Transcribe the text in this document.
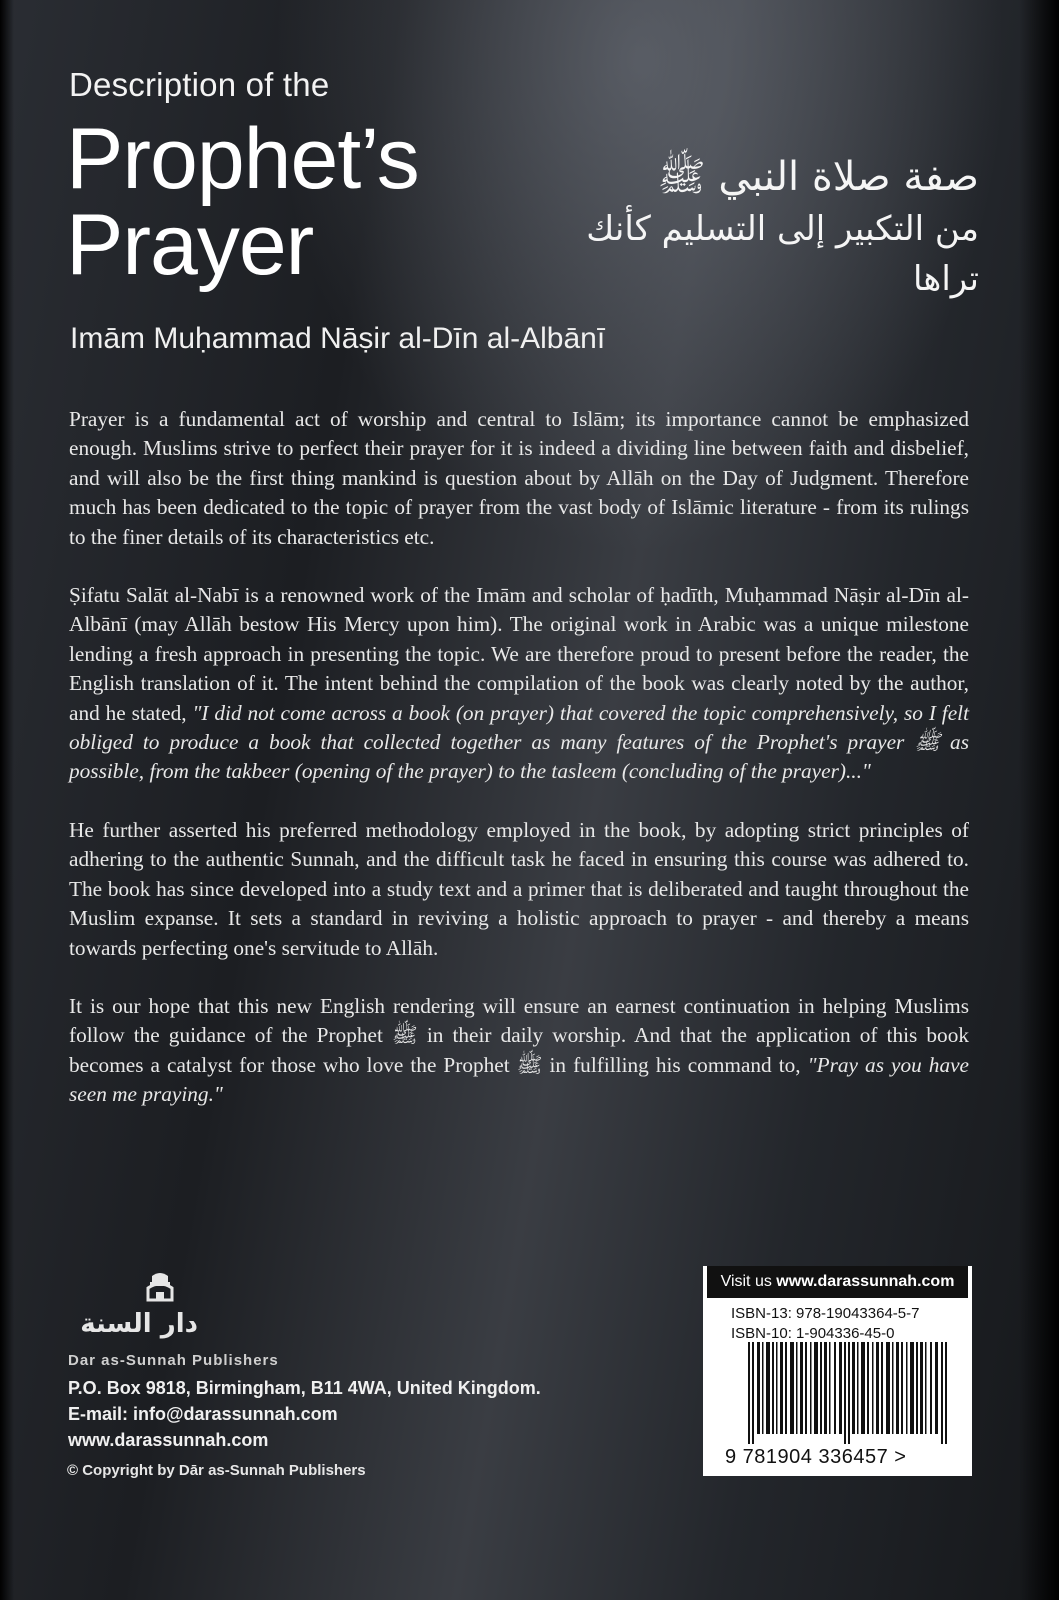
Description of the
Prophet’s
Prayer
صفة صلاة النبي ﷺ
من التكبير إلى التسليم كأنك تراها
Imām Muḥammad Nāṣir al-Dīn al-Albānī

Prayer is a fundamental act of worship and central to Islām; its importance cannot be emphasized enough. Muslims strive to perfect their prayer for it is indeed a dividing line between faith and disbelief, and will also be the first thing mankind is question about by Allāh on the Day of Judgment. Therefore much has been dedicated to the topic of prayer from the vast body of Islāmic literature - from its rulings to the finer details of its characteristics etc.

Ṣifatu Salāt al-Nabī is a renowned work of the Imām and scholar of ḥadīth, Muḥammad Nāṣir al-Dīn al-Albānī (may Allāh bestow His Mercy upon him). The original work in Arabic was a unique milestone lending a fresh approach in presenting the topic. We are therefore proud to present before the reader, the English translation of it. The intent behind the compilation of the book was clearly noted by the author, and he stated, "I did not come across a book (on prayer) that covered the topic comprehensively, so I felt obliged to produce a book that collected together as many features of the Prophet's prayer ﷺ as possible, from the takbeer (opening of the prayer) to the tasleem (concluding of the prayer)..."

He further asserted his preferred methodology employed in the book, by adopting strict principles of adhering to the authentic Sunnah, and the difficult task he faced in ensuring this course was adhered to. The book has since developed into a study text and a primer that is deliberated and taught throughout the Muslim expanse. It sets a standard in reviving a holistic approach to prayer - and thereby a means towards perfecting one's servitude to Allāh.

It is our hope that this new English rendering will ensure an earnest continuation in helping Muslims follow the guidance of the Prophet ﷺ in their daily worship. And that the application of this book becomes a catalyst for those who love the Prophet ﷺ in fulfilling his command to, "Pray as you have seen me praying."

دار السنة
Dar as-Sunnah Publishers
P.O. Box 9818, Birmingham, B11 4WA, United Kingdom.
E-mail: info@darassunnah.com
www.darassunnah.com
© Copyright by Dār as-Sunnah Publishers
Visit us www.darassunnah.com
ISBN-13: 978-19043364-5-7
ISBN-10: 1-904336-45-0
9 781904 336457 >
